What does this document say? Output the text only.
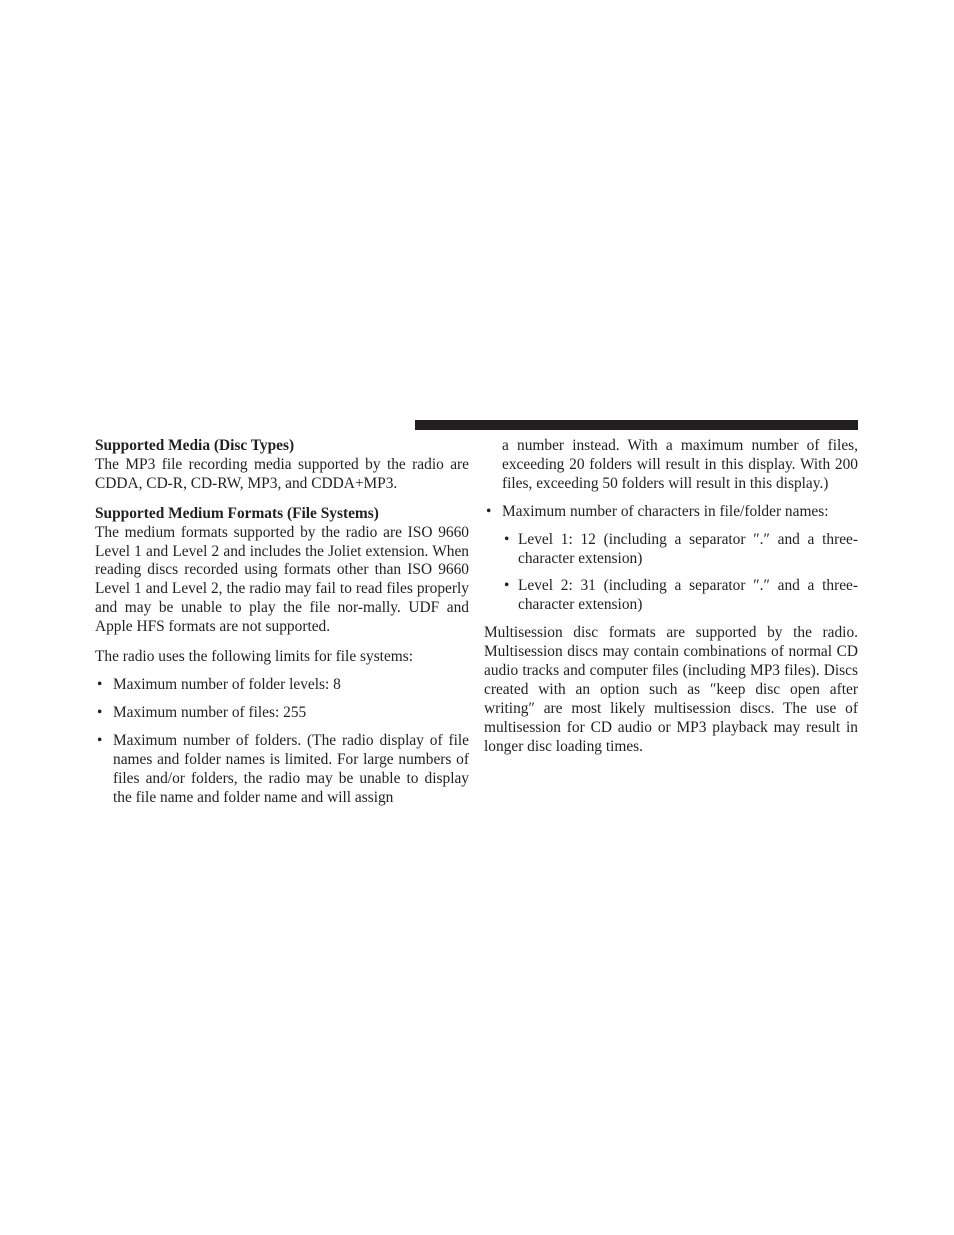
Supported Media (Disc Types)

The MP3 file recording media supported by the radio are CDDA, CD-R, CD-RW, MP3, and CDDA+MP3.

Supported Medium Formats (File Systems)

The medium formats supported by the radio are ISO 9660 Level 1 and Level 2 and includes the Joliet extension. When reading discs recorded using formats other than ISO 9660 Level 1 and Level 2, the radio may fail to read files properly and may be unable to play the file nor-mally. UDF and Apple HFS formats are not supported.

The radio uses the following limits for file systems:

• Maximum number of folder levels: 8
• Maximum number of files: 255
• Maximum number of folders. (The radio display of file names and folder names is limited. For large numbers of files and/or folders, the radio may be unable to display the file name and folder name and will assign

a number instead. With a maximum number of files, exceeding 20 folders will result in this display. With 200 files, exceeding 50 folders will result in this display.)

• Maximum number of characters in file/folder names:
• Level 1: 12 (including a separator ″.″ and a three-character extension)
• Level 2: 31 (including a separator ″.″ and a three-character extension)

Multisession disc formats are supported by the radio. Multisession discs may contain combinations of normal CD audio tracks and computer files (including MP3 files). Discs created with an option such as ″keep disc open after writing″ are most likely multisession discs. The use of multisession for CD audio or MP3 playback may result in longer disc loading times.
